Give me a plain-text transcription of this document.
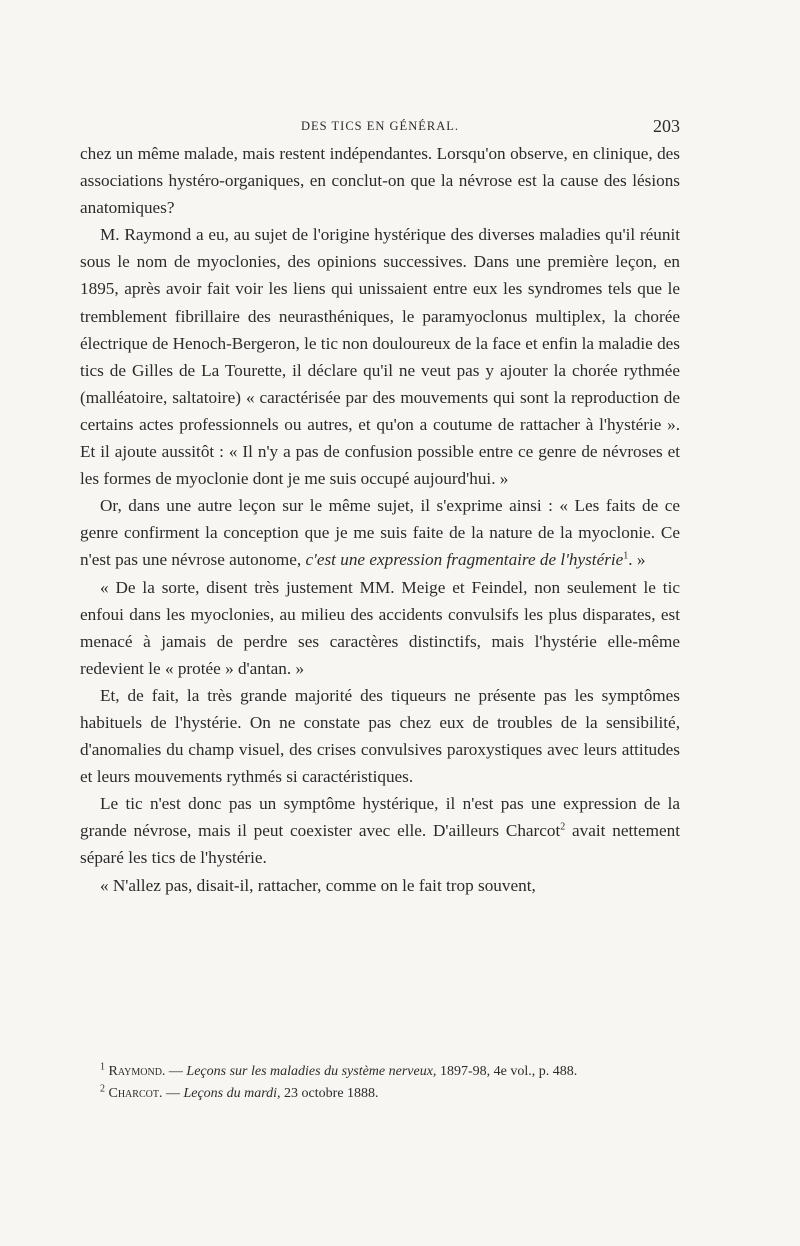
DES TICS EN GÉNÉRAL.	203

chez un même malade, mais restent indépendantes. Lorsqu'on observe, en clinique, des associations hystéro-organiques, en conclut-on que la névrose est la cause des lésions anatomiques?

M. Raymond a eu, au sujet de l'origine hystérique des diverses maladies qu'il réunit sous le nom de myoclonies, des opinions successives. Dans une première leçon, en 1895, après avoir fait voir les liens qui unissaient entre eux les syndromes tels que le tremblement fibrillaire des neurasthéniques, le paramyoclonus multiplex, la chorée électrique de Henoch-Bergeron, le tic non douloureux de la face et enfin la maladie des tics de Gilles de La Tourette, il déclare qu'il ne veut pas y ajouter la chorée rythmée (malléatoire, saltatoire) « caractérisée par des mouvements qui sont la reproduction de certains actes professionnels ou autres, et qu'on a coutume de rattacher à l'hystérie ». Et il ajoute aussitôt : « Il n'y a pas de confusion possible entre ce genre de névroses et les formes de myoclonie dont je me suis occupé aujourd'hui. »

Or, dans une autre leçon sur le même sujet, il s'exprime ainsi : « Les faits de ce genre confirment la conception que je me suis faite de la nature de la myoclonie. Ce n'est pas une névrose autonome, c'est une expression fragmentaire de l'hystérie$^1$. »

« De la sorte, disent très justement MM. Meige et Feindel, non seulement le tic enfoui dans les myoclonies, au milieu des accidents convulsifs les plus disparates, est menacé à jamais de perdre ses caractères distinctifs, mais l'hystérie elle-même redevient le « protée » d'antan. »

Et, de fait, la très grande majorité des tiqueurs ne présente pas les symptômes habituels de l'hystérie. On ne constate pas chez eux de troubles de la sensibilité, d'anomalies du champ visuel, des crises convulsives paroxystiques avec leurs attitudes et leurs mouvements rythmés si caractéristiques.

Le tic n'est donc pas un symptôme hystérique, il n'est pas une expression de la grande névrose, mais il peut coexister avec elle. D'ailleurs Charcot$^2$ avait nettement séparé les tics de l'hystérie.

« N'allez pas, disait-il, rattacher, comme on le fait trop souvent,

$^1$ Raymond. — Leçons sur les maladies du système nerveux, 1897-98, 4e vol., p. 488.

$^2$ Charcot. — Leçons du mardi, 23 octobre 1888.
